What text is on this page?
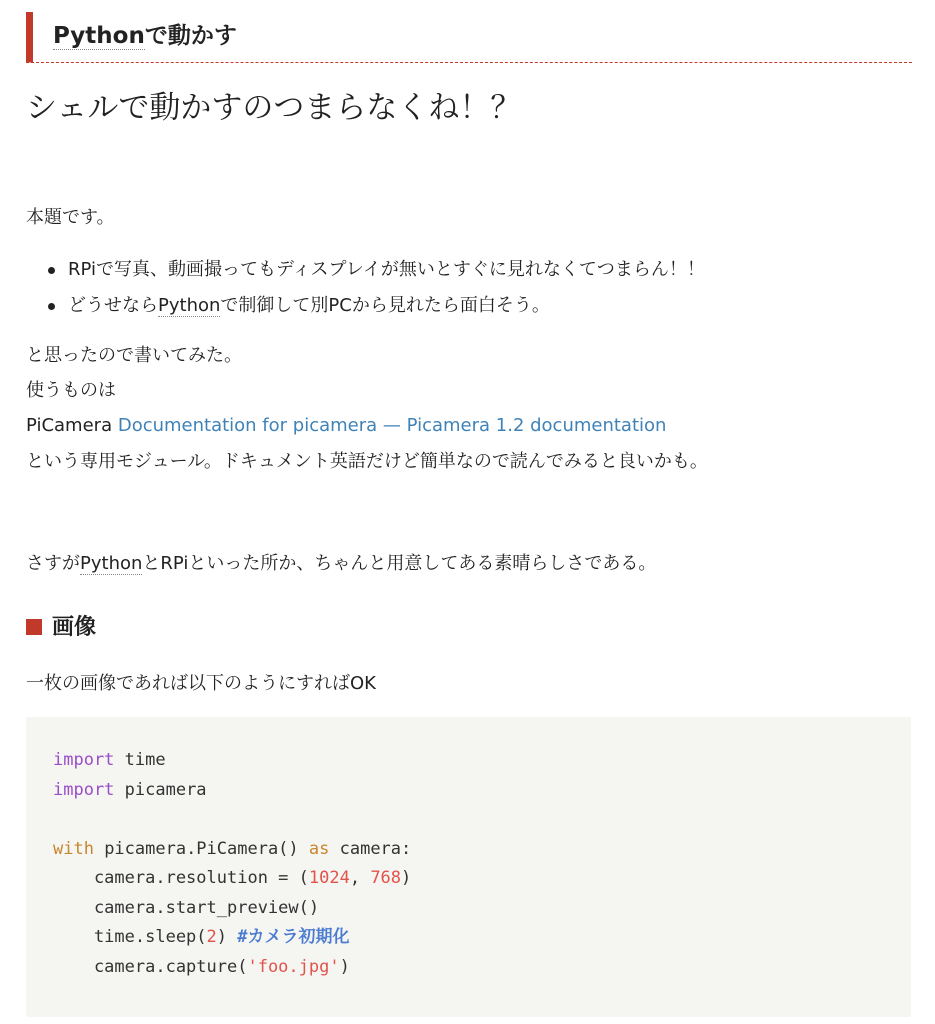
Pythonで動かす
シェルで動かすのつまらなくね！？

本題です。

RPiで写真、動画撮ってもディスプレイが無いとすぐに見れなくてつまらん！！
どうせならPythonで制御して別PCから見れたら面白そう。

と思ったので書いてみた。

使うものは

PiCamera Documentation for picamera — Picamera 1.2 documentation

という専用モジュール。ドキュメント英語だけど簡単なので読んでみると良いかも。

さすがPythonとRPiといった所か、ちゃんと用意してある素晴らしさである。

画像

一枚の画像であれば以下のようにすればOK

import time
import picamera
with picamera.PiCamera() as camera:
camera.resolution = (1024, 768)
camera.start_preview()
time.sleep(2) #カメラ初期化
camera.capture('foo.jpg')
